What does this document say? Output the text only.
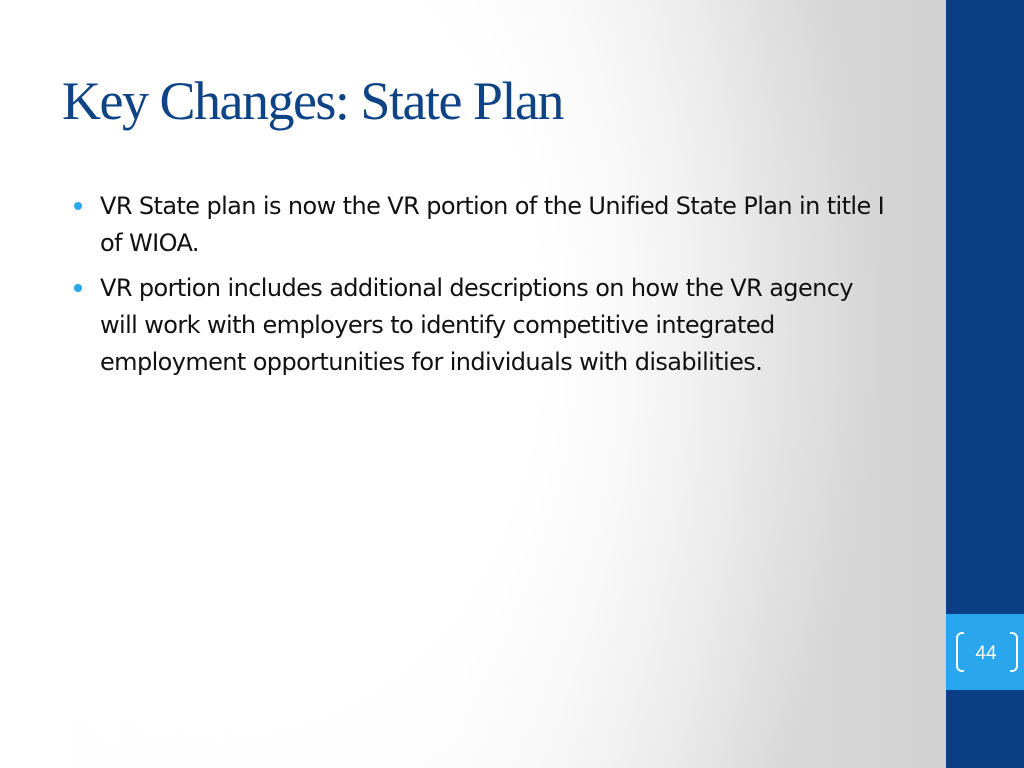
Key Changes: State Plan
VR State plan is now the VR portion of the Unified State Plan in title I of WIOA.
VR portion includes additional descriptions on how the VR agency will work with employers to identify competitive integrated employment opportunities for individuals with disabilities.
44
